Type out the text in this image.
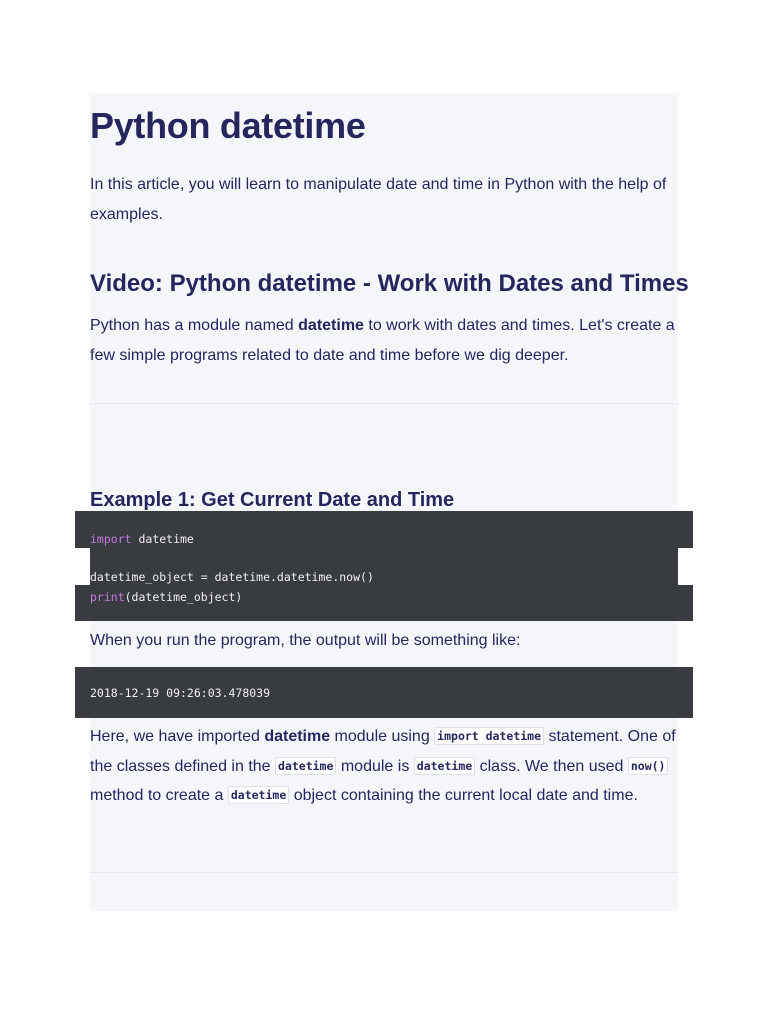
Python datetime

In this article, you will learn to manipulate date and time in Python with the help of examples.

Video: Python datetime - Work with Dates and Times

Python has a module named datetime to work with dates and times. Let's create a few simple programs related to date and time before we dig deeper.

Example 1: Get Current Date and Time
import datetime
datetime_object = datetime.datetime.now()
print(datetime_object)

When you run the program, the output will be something like:

2018-12-19 09:26:03.478039

Here, we have imported datetime module using import datetime statement. One of the classes defined in the datetime module is datetime class. We then used now() method to create a datetime object containing the current local date and time.
